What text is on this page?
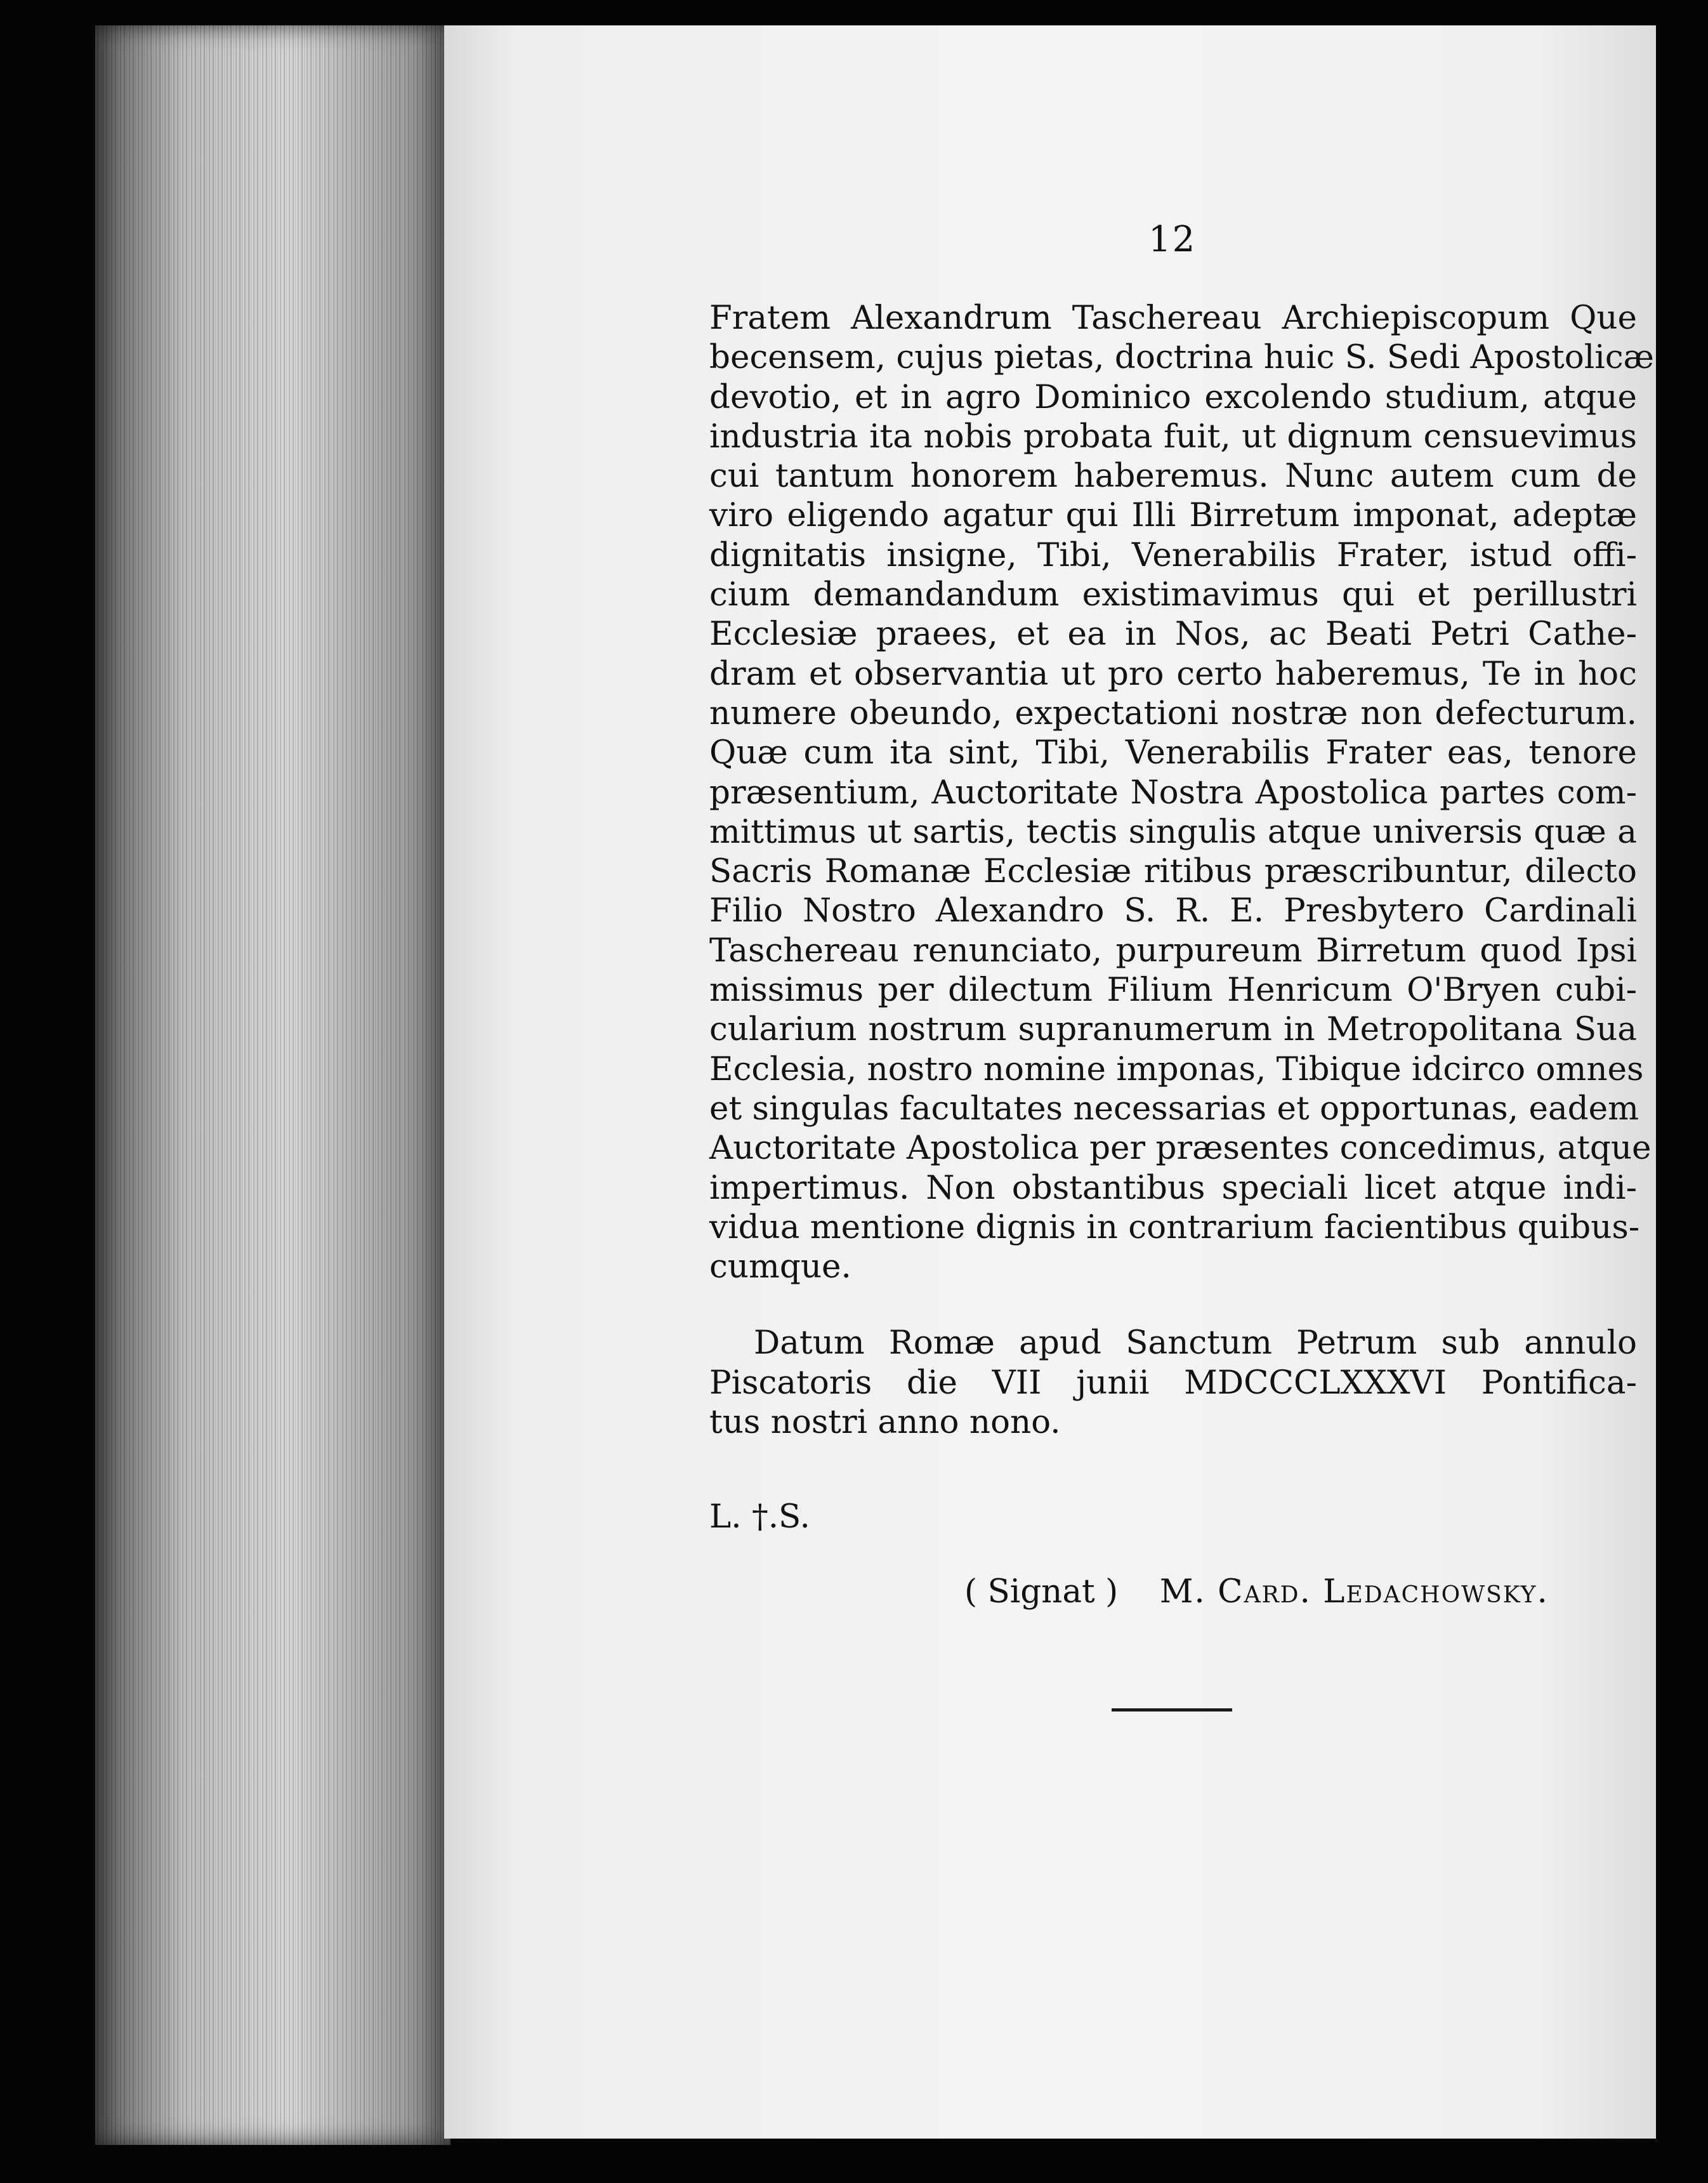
12
Fratem Alexandrum Taschereau Archiepiscopum Que
becensem, cujus pietas, doctrina huic S. Sedi Apostolicæ
devotio, et in agro Dominico excolendo studium, atque
industria ita nobis probata fuit, ut dignum censuevimus
cui tantum honorem haberemus. Nunc autem cum de
viro eligendo agatur qui Illi Birretum imponat, adeptæ
dignitatis insigne, Tibi, Venerabilis Frater, istud offi-
cium demandandum existimavimus qui et perillustri
Ecclesiæ praees, et ea in Nos, ac Beati Petri Cathe-
dram et observantia ut pro certo haberemus, Te in hoc
numere obeundo, expectationi nostræ non defecturum.
Quæ cum ita sint, Tibi, Venerabilis Frater eas, tenore
præsentium, Auctoritate Nostra Apostolica partes com-
mittimus ut sartis, tectis singulis atque universis quæ a
Sacris Romanæ Ecclesiæ ritibus præscribuntur, dilecto
Filio Nostro Alexandro S. R. E. Presbytero Cardinali
Taschereau renunciato, purpureum Birretum quod Ipsi
missimus per dilectum Filium Henricum O'Bryen cubi-
cularium nostrum supranumerum in Metropolitana Sua
Ecclesia, nostro nomine imponas, Tibique idcirco omnes
et singulas facultates necessarias et opportunas, eadem
Auctoritate Apostolica per præsentes concedimus, atque
impertimus. Non obstantibus speciali licet atque indi-
vidua mentione dignis in contrarium facientibus quibus-
cumque.
Datum Romæ apud Sanctum Petrum sub annulo
Piscatoris die VII junii MDCCCLXXXVI Pontifica-
tus nostri anno nono.
L. †.S.
( Signat ) M. Card. Ledachowsky.
